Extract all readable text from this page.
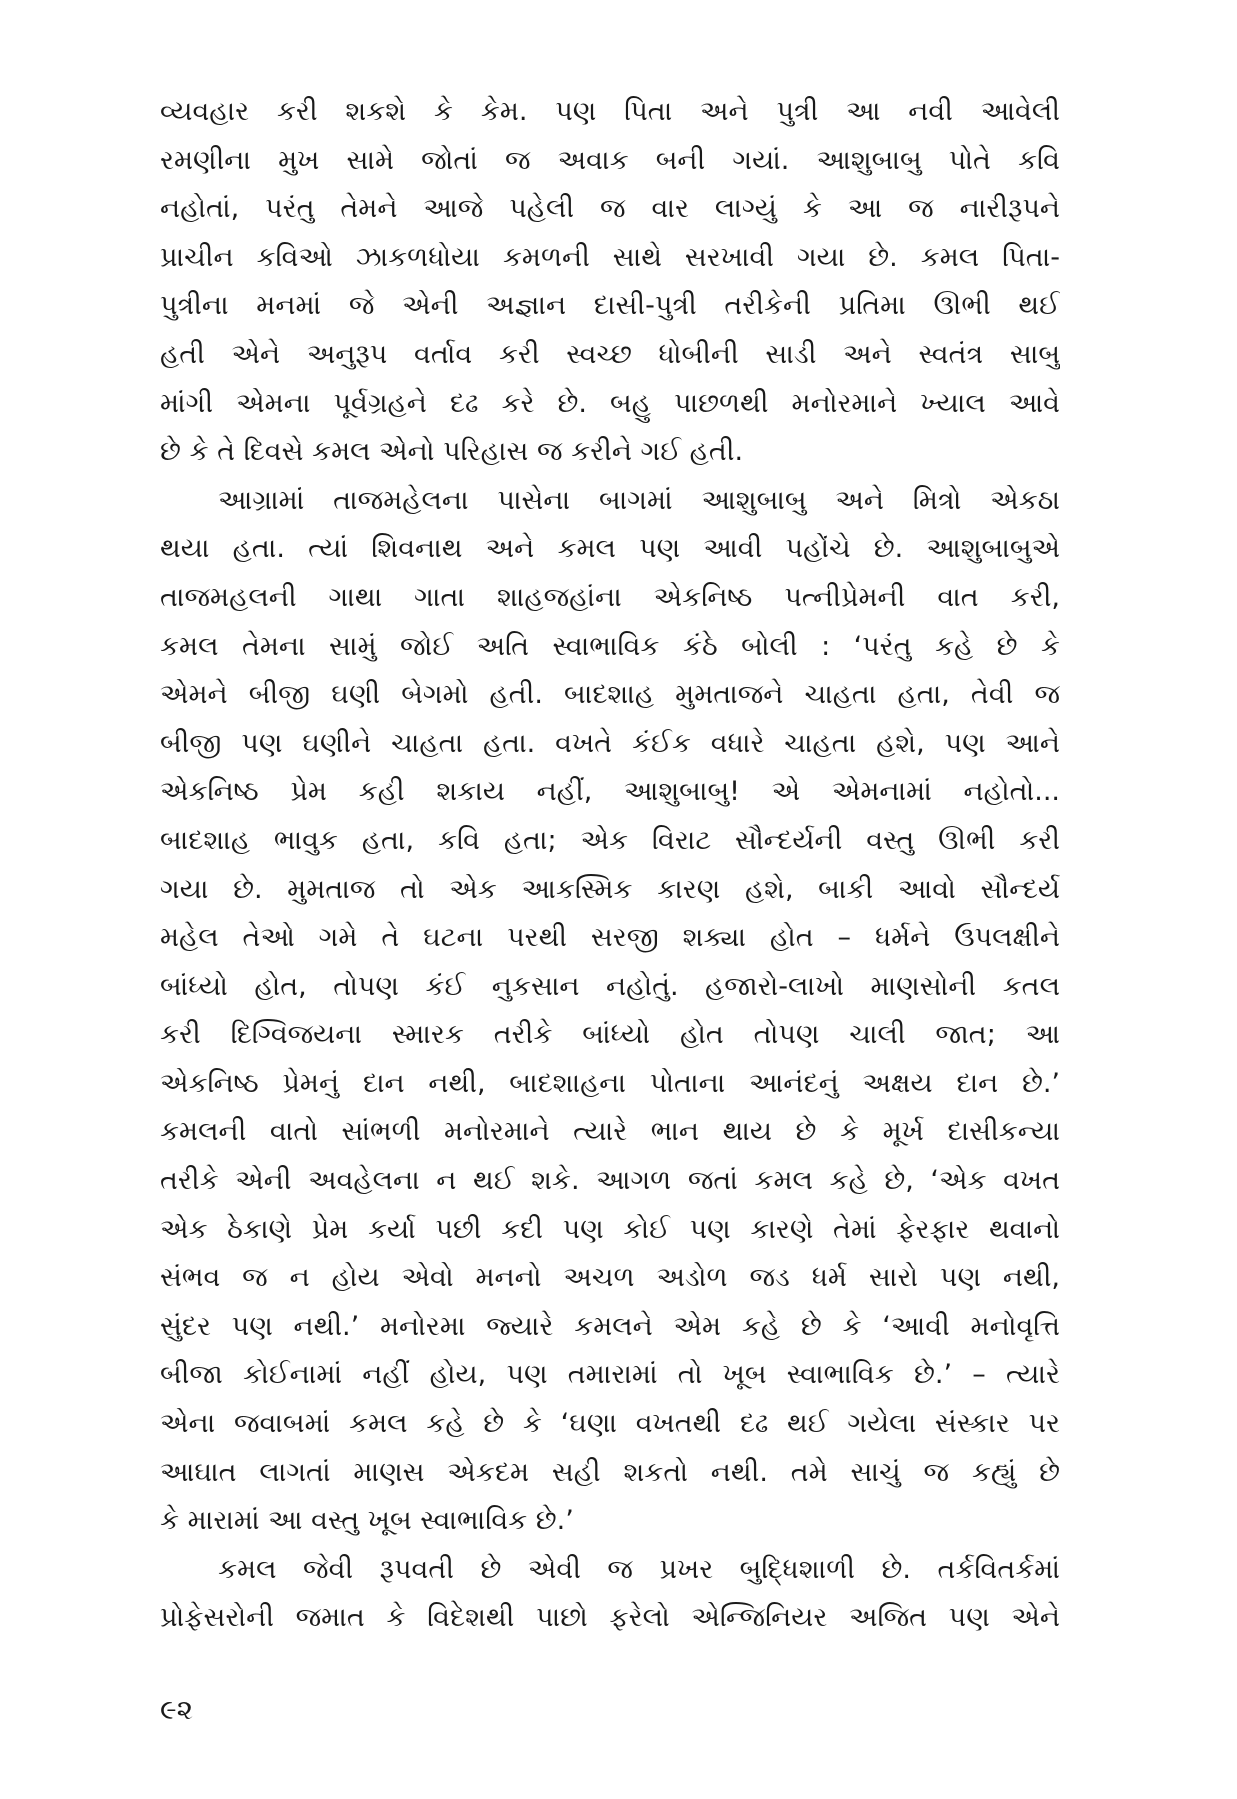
વ્યવહાર કરી શકશે કે કેમ. પણ પિતા અને પુત્રી આ નવી આવેલી
રમણીના મુખ સામે જોતાં જ અવાક બની ગયાં. આશુબાબુ પોતે કવિ
નહોતાં, પરંતુ તેમને આજે પહેલી જ વાર લાગ્યું કે આ જ નારીરૂપને
પ્રાચીન કવિઓ ઝાકળધોયા કમળની સાથે સરખાવી ગયા છે. કમલ પિતા-
પુત્રીના મનમાં જે એની અજ્ઞાન દાસી-પુત્રી તરીકેની પ્રતિમા ઊભી થઈ
હતી એને અનુરૂપ વર્તાવ કરી સ્વચ્છ ધોબીની સાડી અને સ્વતંત્ર સાબુ
માંગી એમના પૂર્વગ્રહને દઢ કરે છે. બહુ પાછળથી મનોરમાને ખ્યાલ આવે
છે કે તે દિવસે કમલ એનો પરિહાસ જ કરીને ગઈ હતી.
આગ્રામાં તાજમહેલના પાસેના બાગમાં આશુબાબુ અને મિત્રો એકઠા
થયા હતા. ત્યાં શિવનાથ અને કમલ પણ આવી પહોંચે છે. આશુબાબુએ
તાજમહલની ગાથા ગાતા શાહજહાંના એકનિષ્ઠ પત્નીપ્રેમની વાત કરી,
કમલ તેમના સામું જોઈ અતિ સ્વાભાવિક કંઠે બોલી : ‘પરંતુ કહે છે કે
એમને બીજી ઘણી બેગમો હતી. બાદશાહ મુમતાજને ચાહતા હતા, તેવી જ
બીજી પણ ઘણીને ચાહતા હતા. વખતે કંઈક વધારે ચાહતા હશે, પણ આને
એકનિષ્ઠ પ્રેમ કહી શકાય નહીં, આશુબાબુ! એ એમનામાં નહોતો...
બાદશાહ ભાવુક હતા, કવિ હતા; એક વિરાટ સૌન્દર્યની વસ્તુ ઊભી કરી
ગયા છે. મુમતાજ તો એક આકસ્મિક કારણ હશે, બાકી આવો સૌન્દર્ય
મહેલ તેઓ ગમે તે ઘટના પરથી સરજી શક્યા હોત – ધર્મને ઉપલક્ષીને
બાંધ્યો હોત, તોપણ કંઈ નુકસાન નહોતું. હજારો-લાખો માણસોની કતલ
કરી દિગ્વિજયના સ્મારક તરીકે બાંધ્યો હોત તોપણ ચાલી જાત; આ
એકનિષ્ઠ પ્રેમનું દાન નથી, બાદશાહના પોતાના આનંદનું અક્ષય દાન છે.’
કમલની વાતો સાંભળી મનોરમાને ત્યારે ભાન થાય છે કે મૂર્ખ દાસીકન્યા
તરીકે એની અવહેલના ન થઈ શકે. આગળ જતાં કમલ કહે છે, ‘એક વખત
એક ઠેકાણે પ્રેમ કર્યા પછી કદી પણ કોઈ પણ કારણે તેમાં ફેરફાર થવાનો
સંભવ જ ન હોય એવો મનનો અચળ અડોળ જડ ધર્મ સારો પણ નથી,
સુંદર પણ નથી.’ મનોરમા જ્યારે કમલને એમ કહે છે કે ‘આવી મનોવૃત્તિ
બીજા કોઈનામાં નહીં હોય, પણ તમારામાં તો ખૂબ સ્વાભાવિક છે.’ – ત્યારે
એના જવાબમાં કમલ કહે છે કે ‘ઘણા વખતથી દઢ થઈ ગયેલા સંસ્કાર પર
આઘાત લાગતાં માણસ એકદમ સહી શકતો નથી. તમે સાચું જ કહ્યું છે
કે મારામાં આ વસ્તુ ખૂબ સ્વાભાવિક છે.’
કમલ જેવી રૂપવતી છે એવી જ પ્રખર બુદ્ધિશાળી છે. તર્કવિતર્કમાં
પ્રોફેસરોની જમાત કે વિદેશથી પાછો ફરેલો એન્જિનિયર અજિત પણ એને
૯૨
